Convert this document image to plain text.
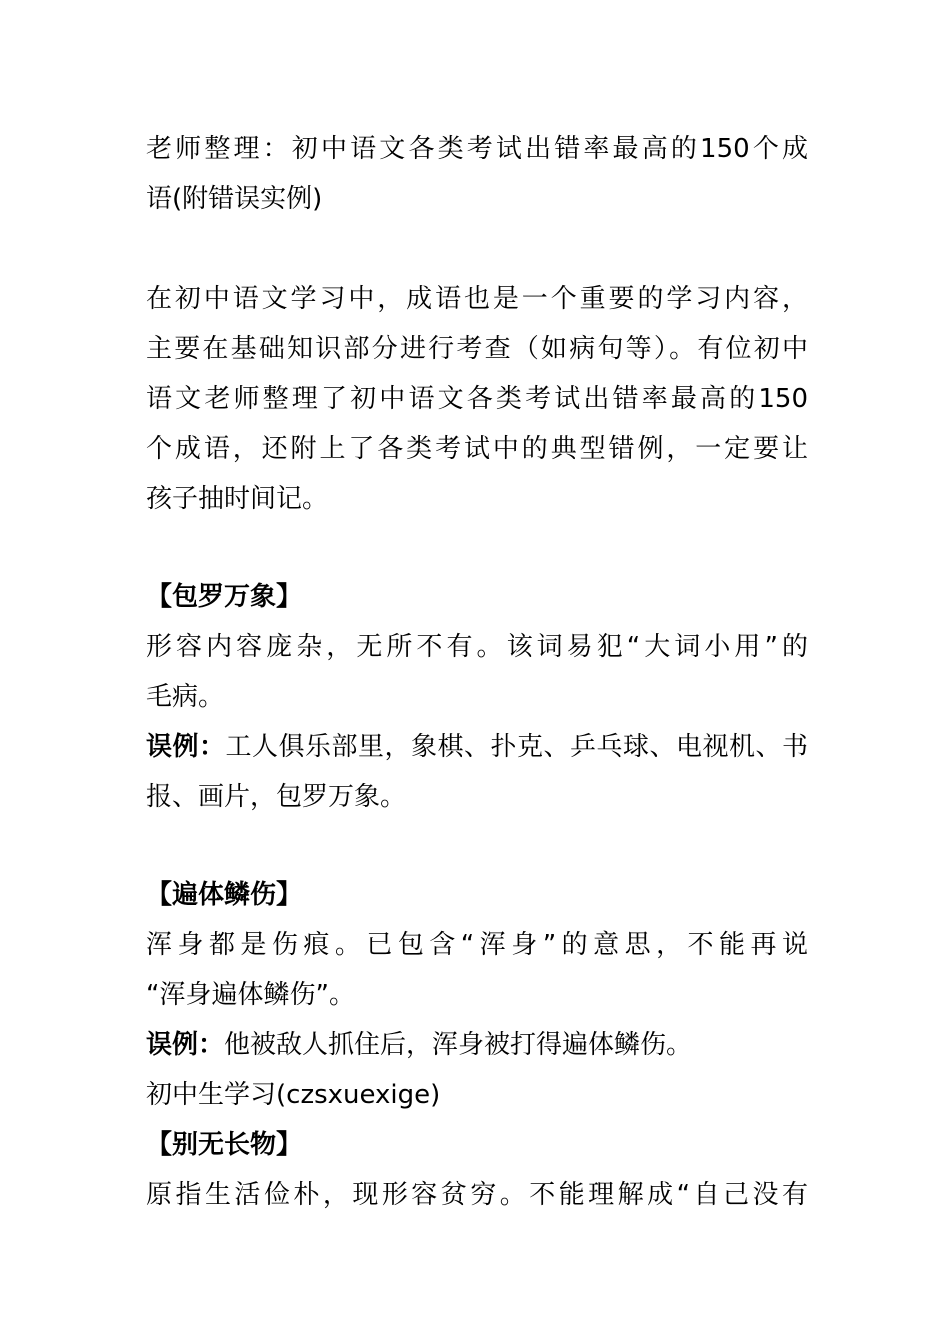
老师整理：初中语文各类考试出错率最高的150个成
语(附错误实例)
在初中语文学习中，成语也是一个重要的学习内容，
主要在基础知识部分进行考查（如病句等）。有位初中
语文老师整理了初中语文各类考试出错率最高的150
个成语，还附上了各类考试中的典型错例，一定要让
孩子抽时间记。
【包罗万象】
形容内容庞杂，无所不有。该词易犯“大词小用”的
毛病。
误例：工人俱乐部里，象棋、扑克、乒乓球、电视机、书
报、画片，包罗万象。
【遍体鳞伤】
浑身都是伤痕。已包含“浑身”的意思，不能再说
“浑身遍体鳞伤”。
误例：他被敌人抓住后，浑身被打得遍体鳞伤。
初中生学习(czsxuexige)
【别无长物】
原指生活俭朴，现形容贫穷。不能理解成“自己没有
